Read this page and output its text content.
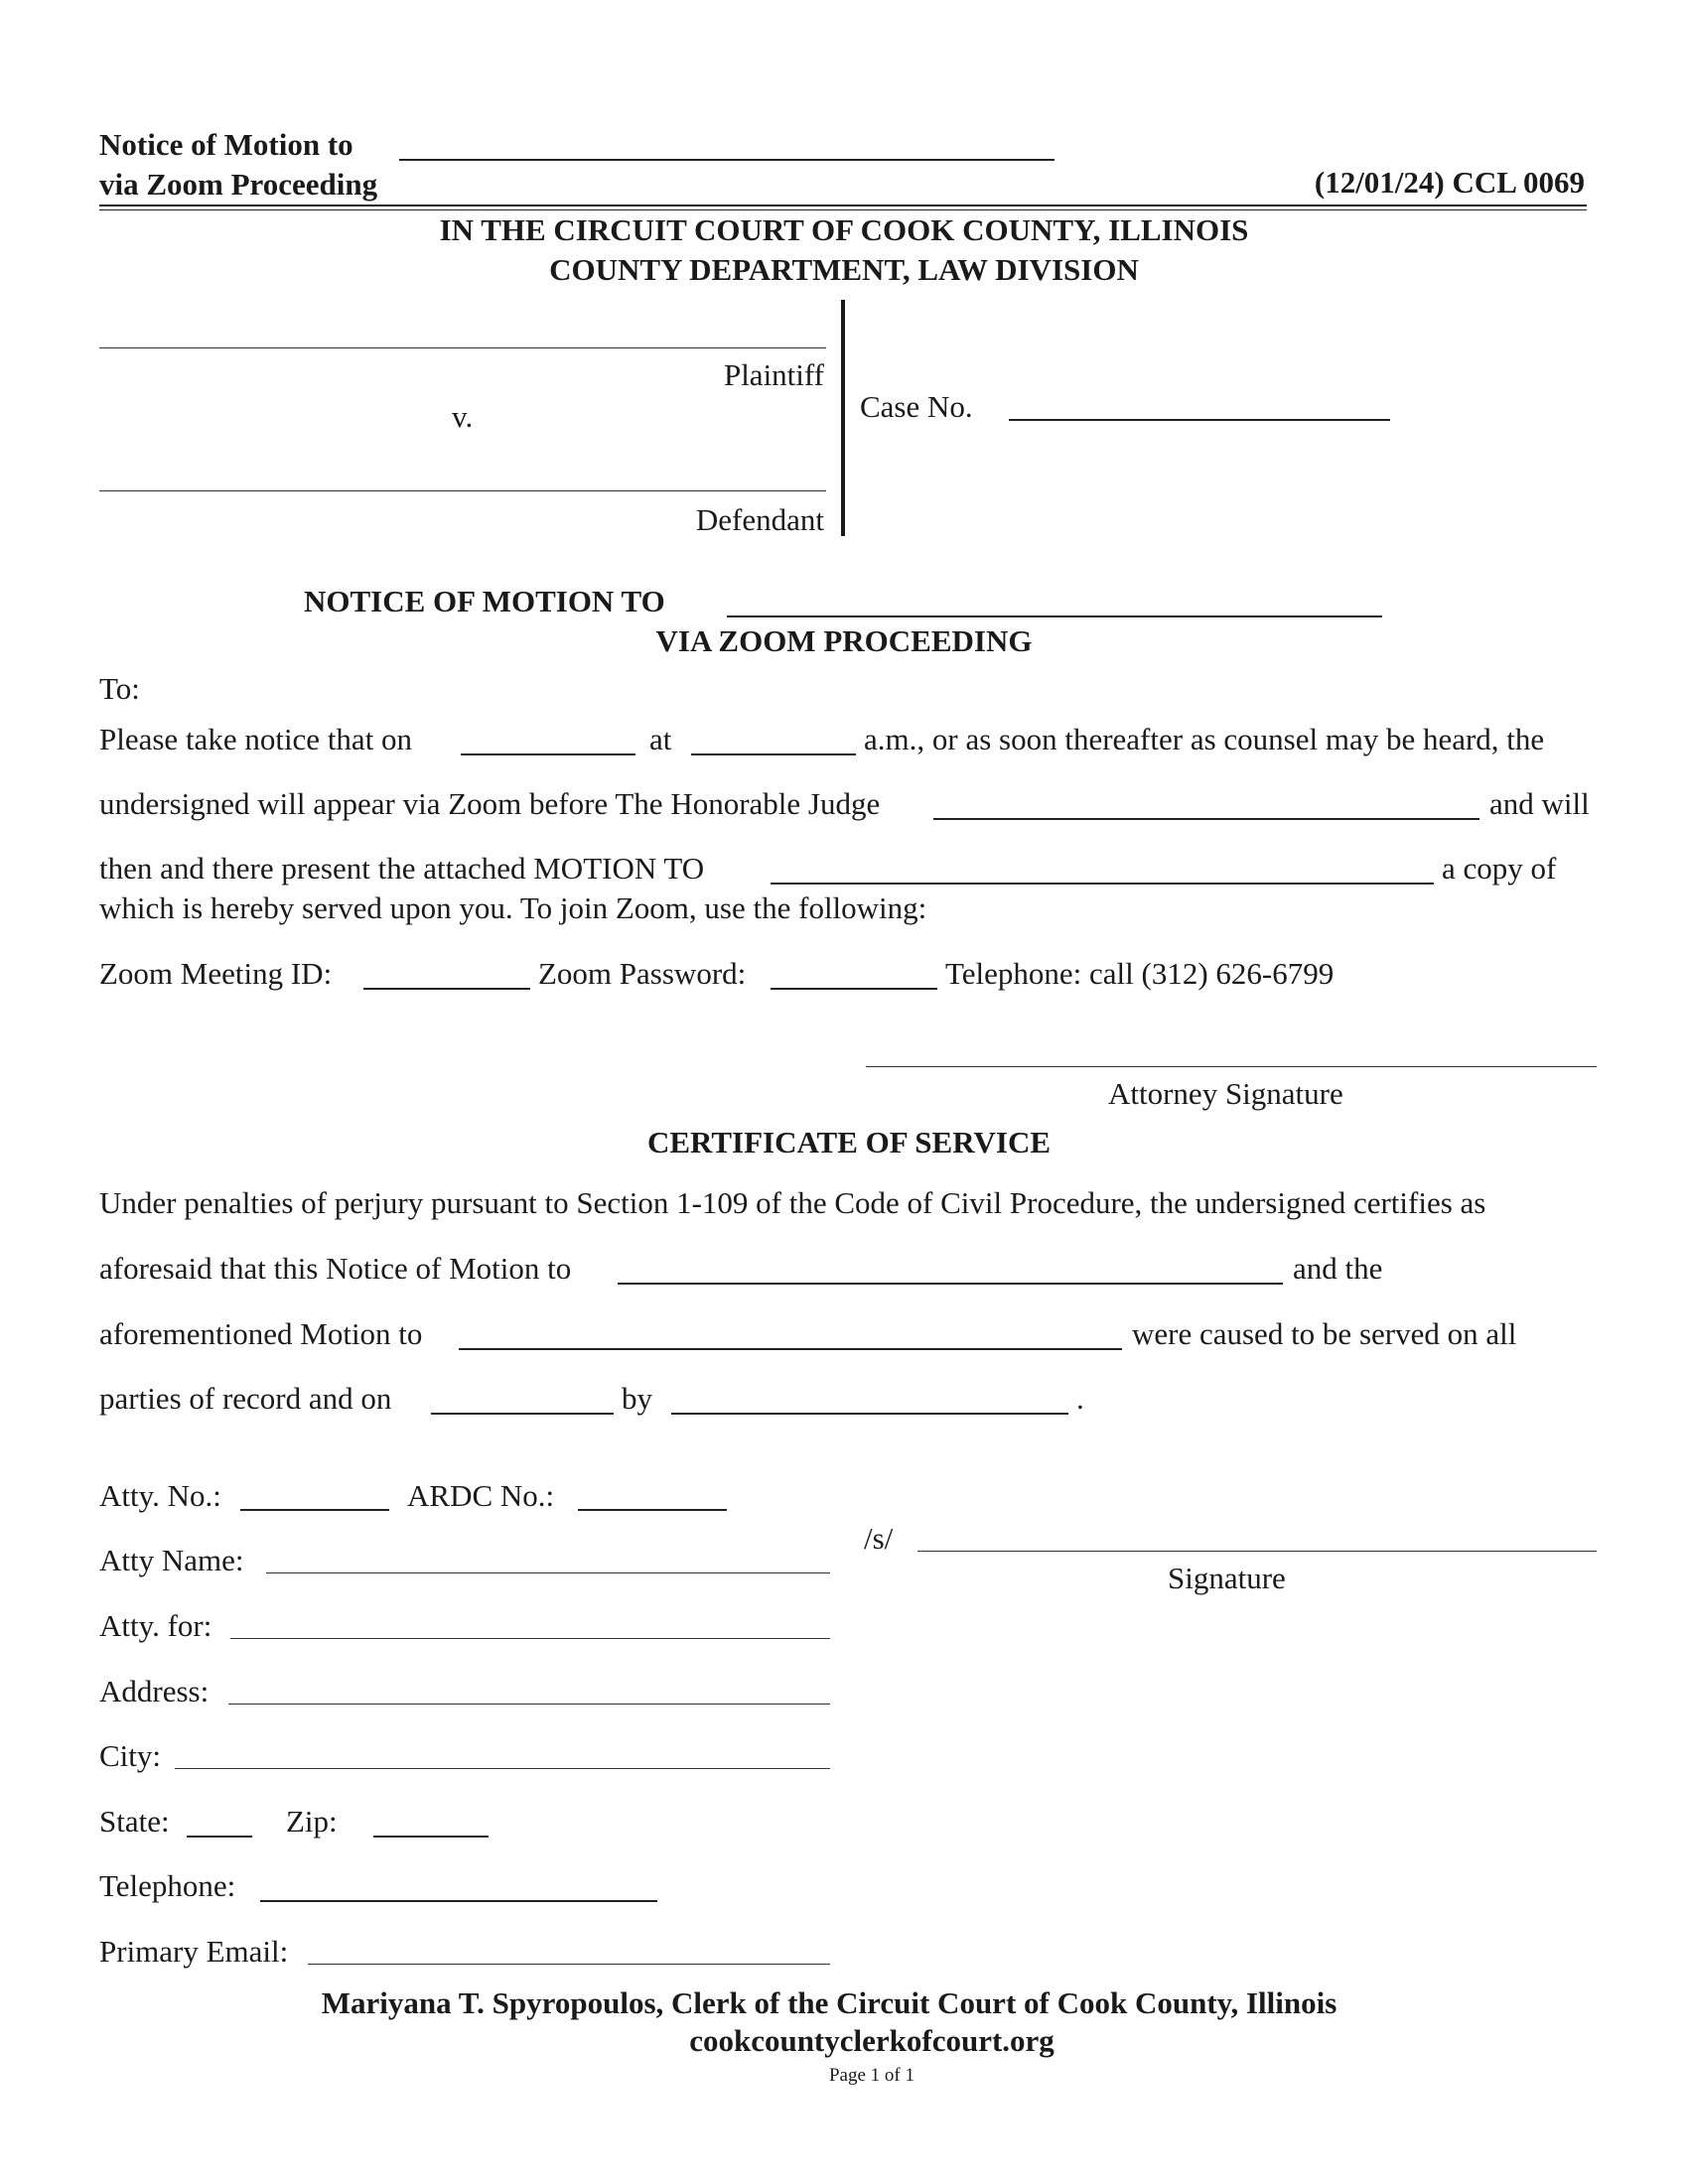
Notice of Motion to
via Zoom Proceeding	(12/01/24) CCL 0069
IN THE CIRCUIT COURT OF COOK COUNTY, ILLINOIS
COUNTY DEPARTMENT, LAW DIVISION
Plaintiff
v.
Defendant
Case No.
NOTICE OF MOTION TO
VIA ZOOM PROCEEDING
To:
Please take notice that on	at	a.m., or as soon thereafter as counsel may be heard, the
undersigned will appear via Zoom before The Honorable Judge	and will
then and there present the attached MOTION TO	a copy of
which is hereby served upon you. To join Zoom, use the following:
Zoom Meeting ID:	Zoom Password:	Telephone: call (312) 626-6799
Attorney Signature
CERTIFICATE OF SERVICE
Under penalties of perjury pursuant to Section 1-109 of the Code of Civil Procedure, the undersigned certifies as
aforesaid that this Notice of Motion to	and the
aforementioned Motion to	were caused to be served on all
parties of record and on	by	.
Atty. No.:	ARDC No.:
Atty Name:
/s/
Signature
Atty. for:
Address:
City:
State:	Zip:
Telephone:
Primary Email:
Mariyana T. Spyropoulos, Clerk of the Circuit Court of Cook County, Illinois
cookcountyclerkofcourt.org
Page 1 of 1
